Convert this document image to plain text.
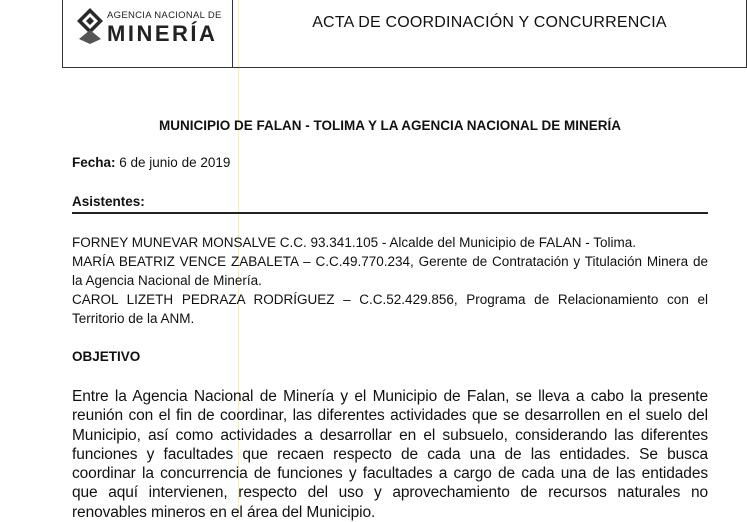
AGENCIA NACIONAL DE
MINERÍA	ACTA DE COORDINACIÓN Y CONCURRENCIA
MUNICIPIO DE FALAN - TOLIMA Y LA AGENCIA NACIONAL DE MINERÍA
Fecha: 6 de junio de 2019
Asistentes:
FORNEY MUNEVAR MONSALVE C.C. 93.341.105 - Alcalde del Municipio de FALAN - Tolima.
MARÍA BEATRIZ VENCE ZABALETA – C.C.49.770.234, Gerente de Contratación y Titulación Minera de la Agencia Nacional de Minería.
CAROL LIZETH PEDRAZA RODRÍGUEZ – C.C.52.429.856, Programa de Relacionamiento con el Territorio de la ANM.
OBJETIVO
Entre la Agencia Nacional de Minería y el Municipio de Falan, se lleva a cabo la presente reunión con el fin de coordinar, las diferentes actividades que se desarrollen en el suelo del Municipio, así como actividades a desarrollar en el subsuelo, considerando las diferentes funciones y facultades que recaen respecto de cada una de las entidades. Se busca coordinar la concurrencia de funciones y facultades a cargo de cada una de las entidades que aquí intervienen, respecto del uso y aprovechamiento de recursos naturales no renovables mineros en el área del Municipio.
